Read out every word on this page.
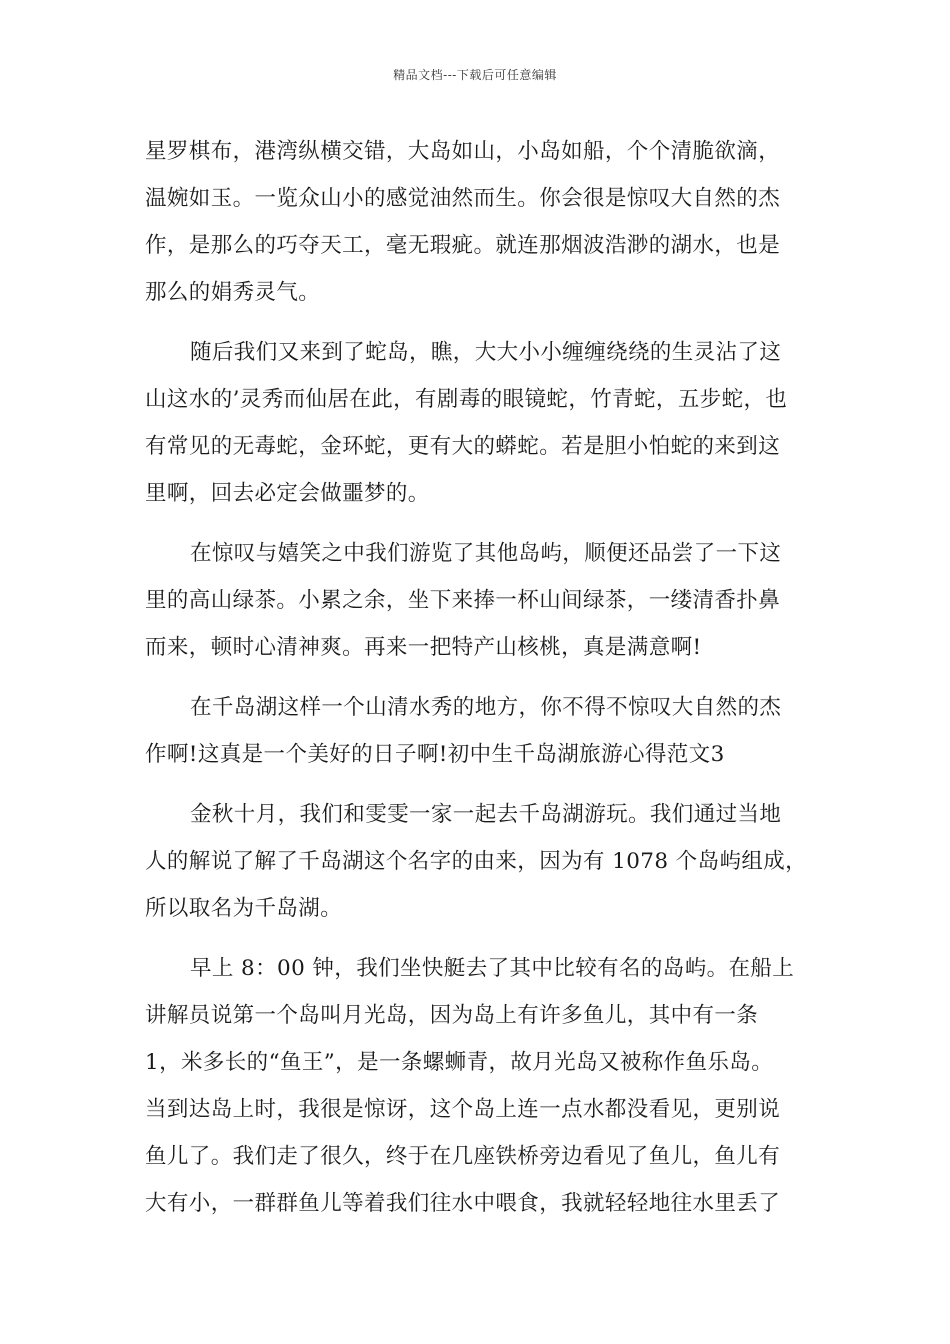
精品文档---下载后可任意编辑
星罗棋布，港湾纵横交错，大岛如山，小岛如船，个个清脆欲滴，
温婉如玉。一览众山小的感觉油然而生。你会很是惊叹大自然的杰
作，是那么的巧夺天工，毫无瑕疵。就连那烟波浩渺的湖水，也是
那么的娟秀灵气。
随后我们又来到了蛇岛，瞧，大大小小缠缠绕绕的生灵沾了这
山这水的’灵秀而仙居在此，有剧毒的眼镜蛇，竹青蛇，五步蛇，也
有常见的无毒蛇，金环蛇，更有大的蟒蛇。若是胆小怕蛇的来到这
里啊，回去必定会做噩梦的。
在惊叹与嬉笑之中我们游览了其他岛屿，顺便还品尝了一下这
里的高山绿茶。小累之余，坐下来捧一杯山间绿茶，一缕清香扑鼻
而来，顿时心清神爽。再来一把特产山核桃，真是满意啊!
在千岛湖这样一个山清水秀的地方，你不得不惊叹大自然的杰
作啊!这真是一个美好的日子啊!初中生千岛湖旅游心得范文3
金秋十月，我们和雯雯一家一起去千岛湖游玩。我们通过当地
人的解说了解了千岛湖这个名字的由来，因为有 1078 个岛屿组成，
所以取名为千岛湖。
早上 8：00 钟，我们坐快艇去了其中比较有名的岛屿。在船上
讲解员说第一个岛叫月光岛，因为岛上有许多鱼儿，其中有一条
1，米多长的“鱼王”，是一条螺蛳青，故月光岛又被称作鱼乐岛。
当到达岛上时，我很是惊讶，这个岛上连一点水都没看见，更别说
鱼儿了。我们走了很久，终于在几座铁桥旁边看见了鱼儿，鱼儿有
大有小，一群群鱼儿等着我们往水中喂食，我就轻轻地往水里丢了
